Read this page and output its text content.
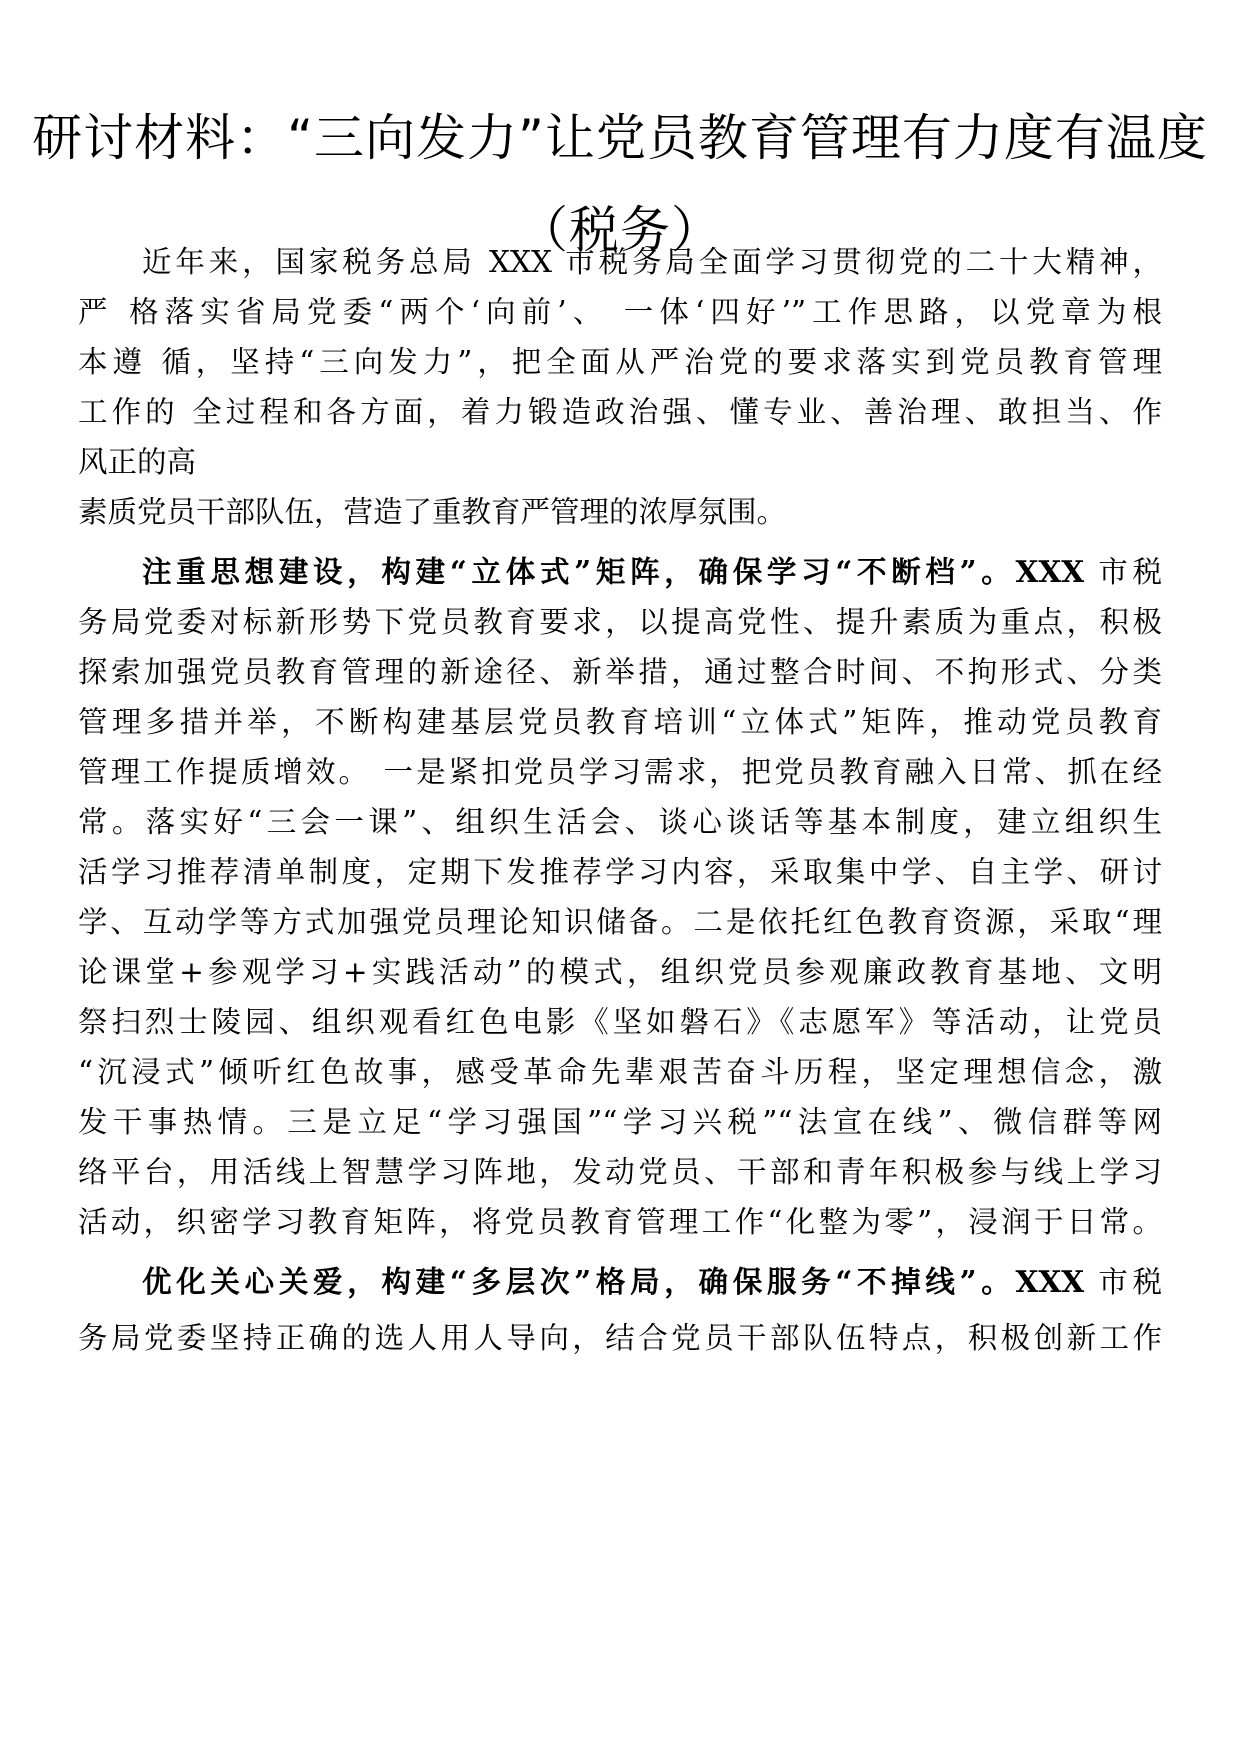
研讨材料：“三向发力”让党员教育管理有力度有温度
（税务）

近年来，国家税务总局 XXX 市税务局全面学习贯彻党的二十大精神，

严 格落实省局党委“两个‘向前’、 一体‘四好’”工作思路，以党章为根

本遵 循，坚持“三向发力”，把全面从严治党的要求落实到党员教育管理

工作的 全过程和各方面，着力锻造政治强、懂专业、善治理、敢担当、作

风正的高

素质党员干部队伍，营造了重教育严管理的浓厚氛围。

注重思想建设，构建“立体式”矩阵，确保学习“不断档”。XXX 市税

务局党委对标新形势下党员教育要求，以提高党性、提升素质为重点，积极

探索加强党员教育管理的新途径、新举措，通过整合时间、不拘形式、分类

管理多措并举，不断构建基层党员教育培训“立体式”矩阵，推动党员教育

管理工作提质增效。 一是紧扣党员学习需求，把党员教育融入日常、抓在经

常。落实好“三会一课”、组织生活会、谈心谈话等基本制度，建立组织生

活学习推荐清单制度，定期下发推荐学习内容，采取集中学、自主学、研讨

学、互动学等方式加强党员理论知识储备。二是依托红色教育资源，采取“理

论课堂+参观学习+实践活动”的模式，组织党员参观廉政教育基地、文明

祭扫烈士陵园、组织观看红色电影《坚如磐石》《志愿军》等活动，让党员

“沉浸式”倾听红色故事，感受革命先辈艰苦奋斗历程，坚定理想信念，激

发干事热情。三是立足“学习强国”“学习兴税”“法宣在线”、微信群等网

络平台，用活线上智慧学习阵地，发动党员、干部和青年积极参与线上学习

活动，织密学习教育矩阵，将党员教育管理工作“化整为零”，浸润于日常。

优化关心关爱，构建“多层次”格局，确保服务“不掉线”。XXX 市税

务局党委坚持正确的选人用人导向，结合党员干部队伍特点，积极创新工作
